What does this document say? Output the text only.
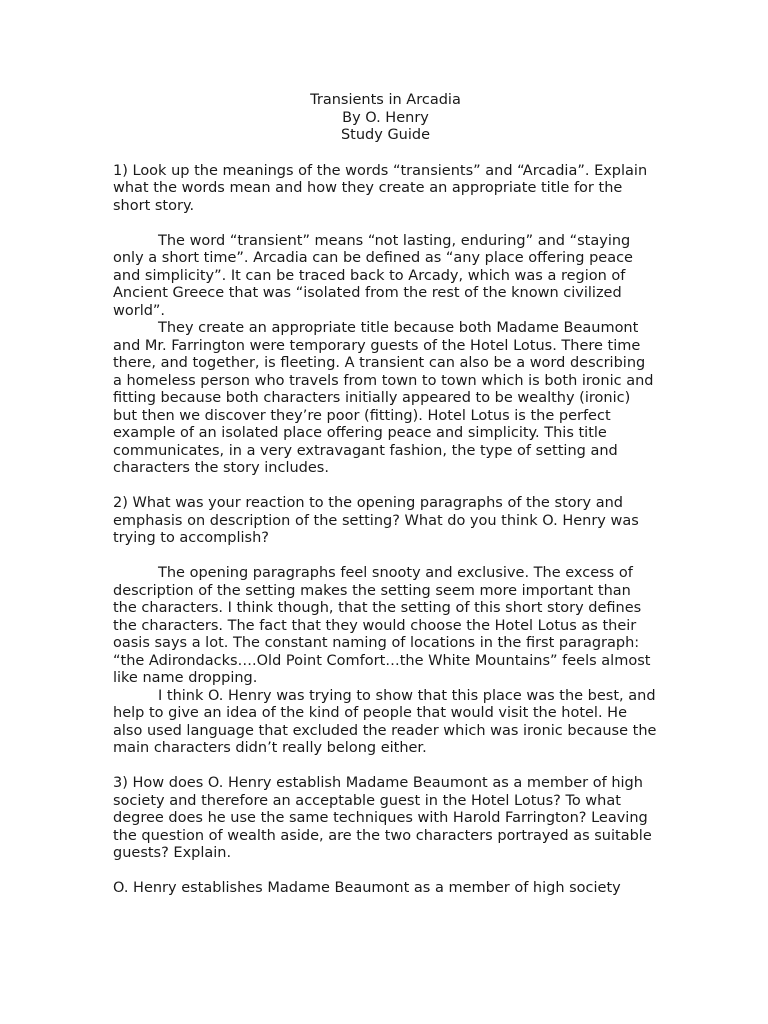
Transients in Arcadia
By O. Henry
Study Guide

1) Look up the meanings of the words “transients” and “Arcadia”. Explain what the words mean and how they create an appropriate title for the short story.

The word “transient” means “not lasting, enduring” and “staying only a short time”. Arcadia can be defined as “any place offering peace and simplicity”. It can be traced back to Arcady, which was a region of Ancient Greece that was “isolated from the rest of the known civilized world”.

They create an appropriate title because both Madame Beaumont and Mr. Farrington were temporary guests of the Hotel Lotus. There time there, and together, is fleeting. A transient can also be a word describing a homeless person who travels from town to town which is both ironic and fitting because both characters initially appeared to be wealthy (ironic) but then we discover they’re poor (fitting). Hotel Lotus is the perfect example of an isolated place offering peace and simplicity. This title communicates, in a very extravagant fashion, the type of setting and characters the story includes.

2) What was your reaction to the opening paragraphs of the story and emphasis on description of the setting? What do you think O. Henry was trying to accomplish?

The opening paragraphs feel snooty and exclusive. The excess of description of the setting makes the setting seem more important than the characters. I think though, that the setting of this short story defines the characters. The fact that they would choose the Hotel Lotus as their oasis says a lot. The constant naming of locations in the first paragraph: “the Adirondacks….Old Point Comfort…the White Mountains” feels almost like name dropping.

I think O. Henry was trying to show that this place was the best, and help to give an idea of the kind of people that would visit the hotel. He also used language that excluded the reader which was ironic because the main characters didn’t really belong either.

3) How does O. Henry establish Madame Beaumont as a member of high society and therefore an acceptable guest in the Hotel Lotus? To what degree does he use the same techniques with Harold Farrington? Leaving the question of wealth aside, are the two characters portrayed as suitable guests? Explain.

O. Henry establishes Madame Beaumont as a member of high society
